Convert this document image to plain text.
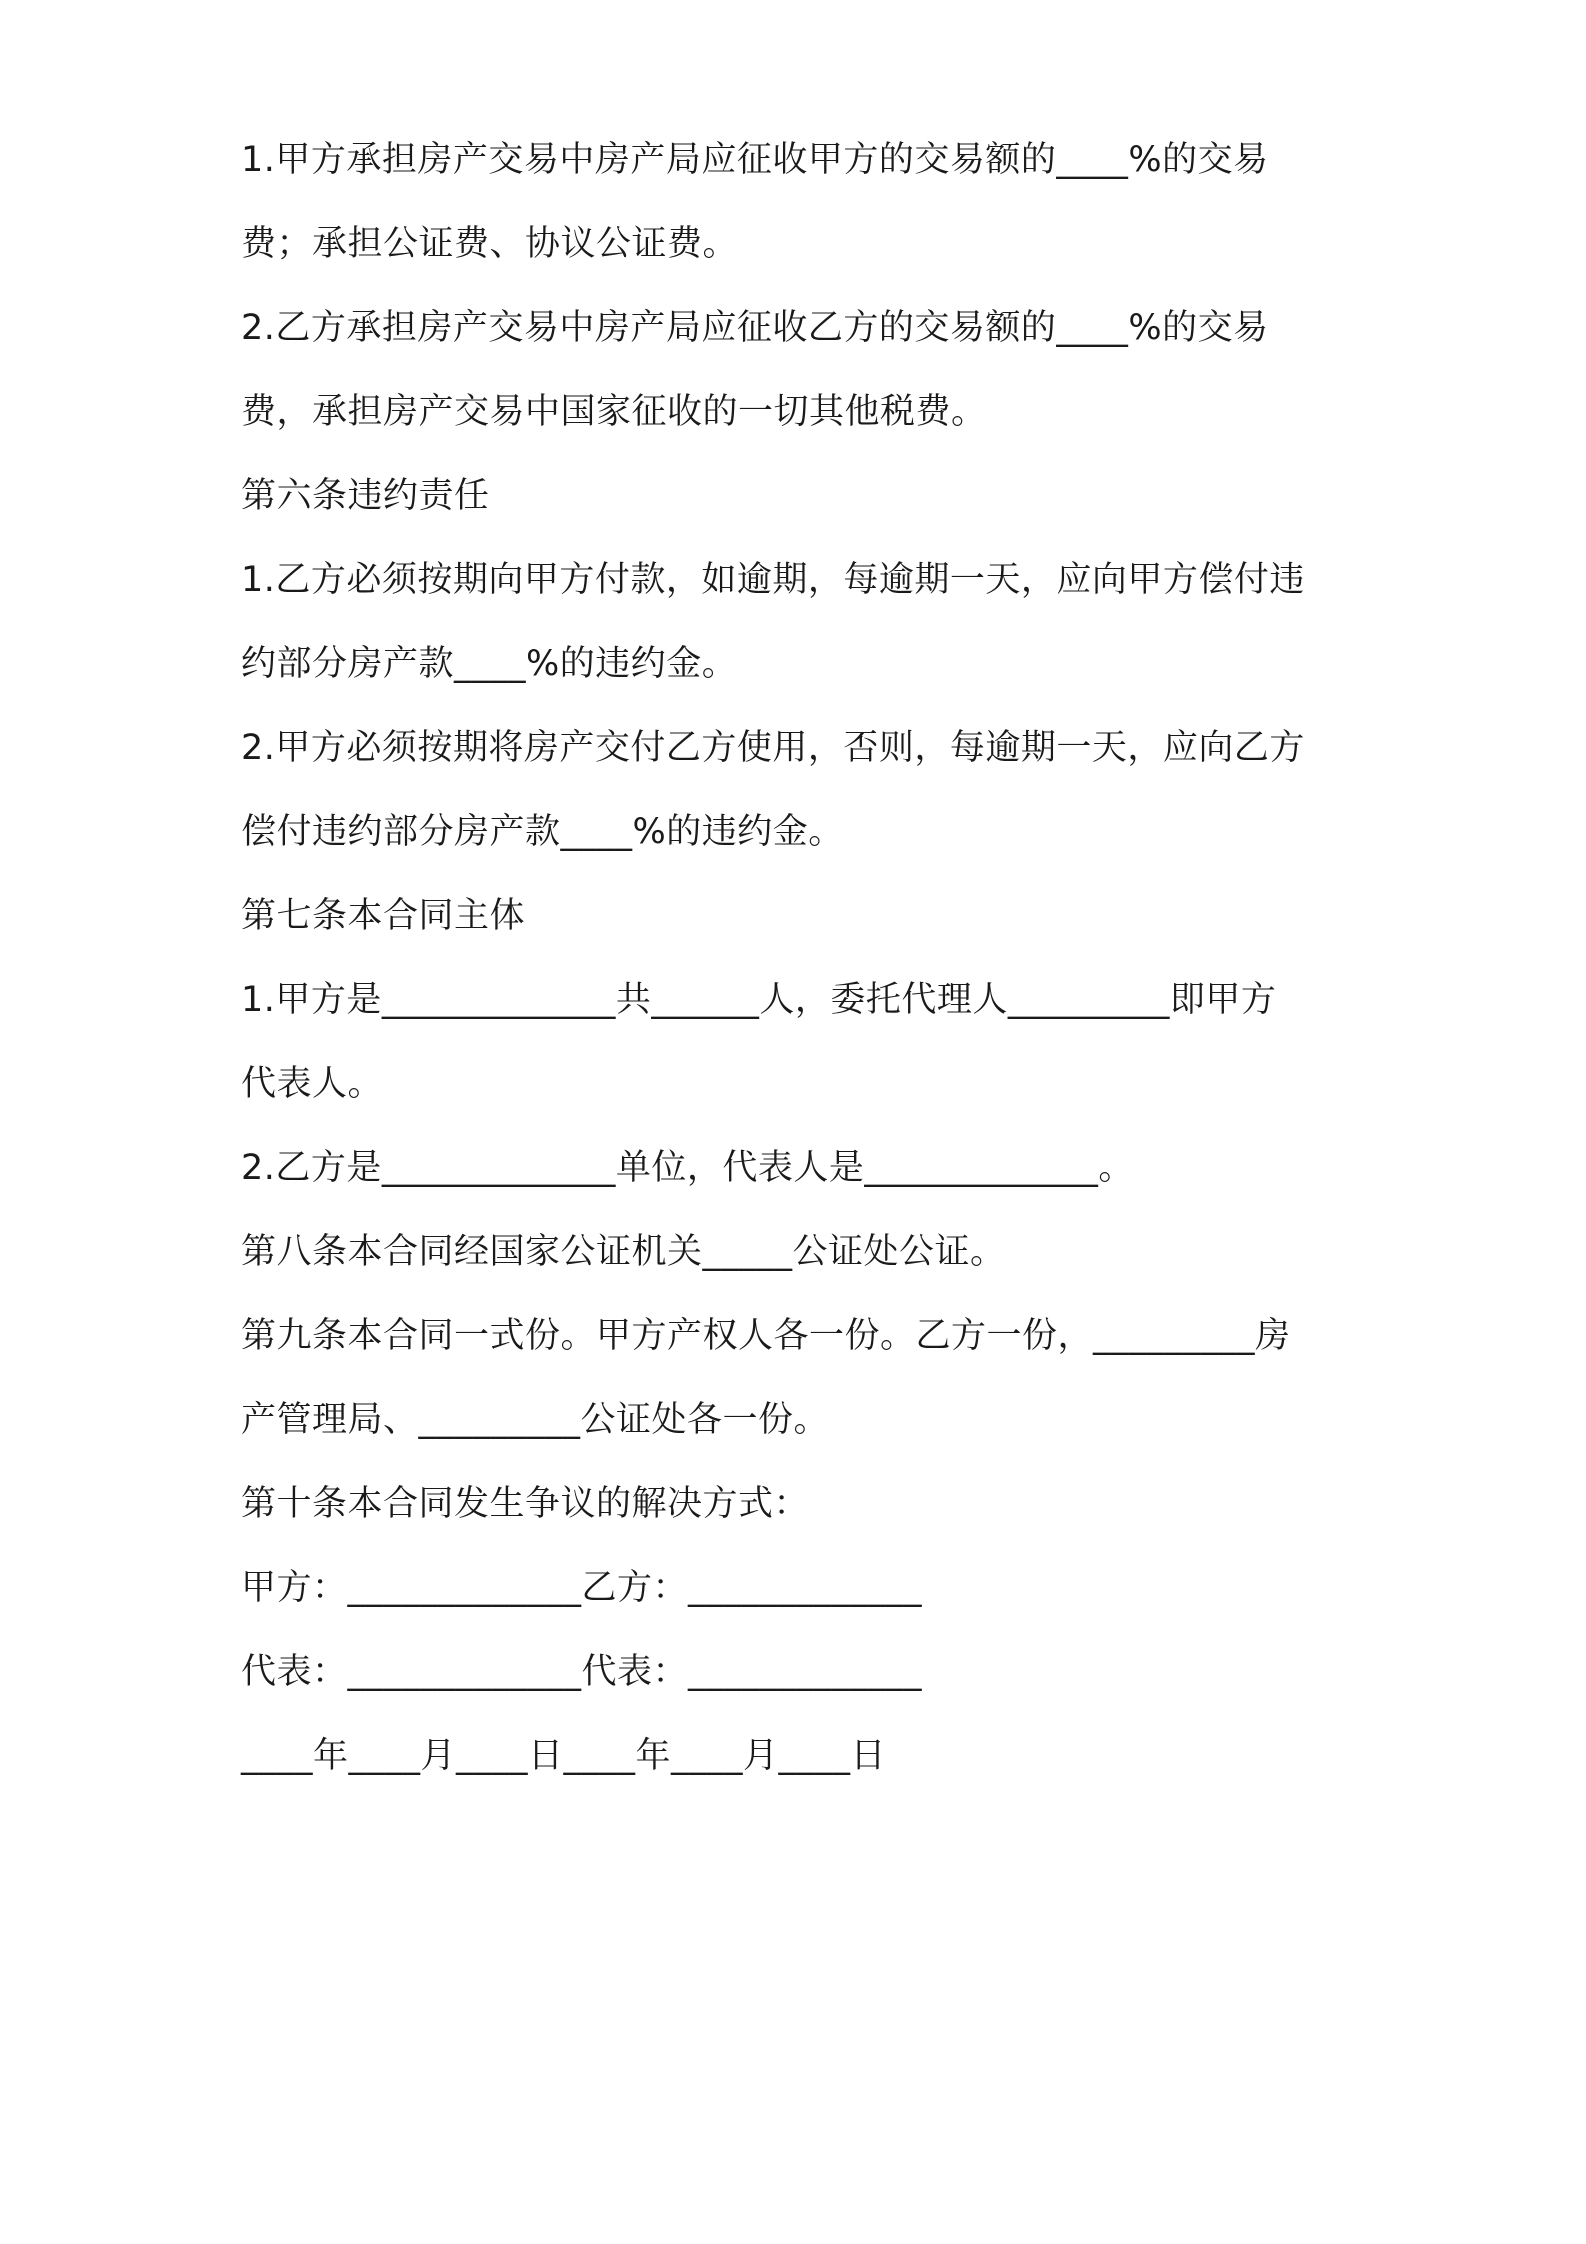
1.甲方承担房产交易中房产局应征收甲方的交易额的____%的交易
费；承担公证费、协议公证费。
2.乙方承担房产交易中房产局应征收乙方的交易额的____%的交易
费，承担房产交易中国家征收的一切其他税费。
第六条违约责任
1.乙方必须按期向甲方付款，如逾期，每逾期一天，应向甲方偿付违
约部分房产款____%的违约金。
2.甲方必须按期将房产交付乙方使用，否则，每逾期一天，应向乙方
偿付违约部分房产款____%的违约金。
第七条本合同主体
1.甲方是_____________共______人，委托代理人_________即甲方
代表人。
2.乙方是_____________单位，代表人是_____________。
第八条本合同经国家公证机关_____公证处公证。
第九条本合同一式份。甲方产权人各一份。乙方一份，_________房
产管理局、_________公证处各一份。
第十条本合同发生争议的解决方式：
甲方：_____________乙方：_____________
代表：_____________代表：_____________
____年____月____日____年____月____日
